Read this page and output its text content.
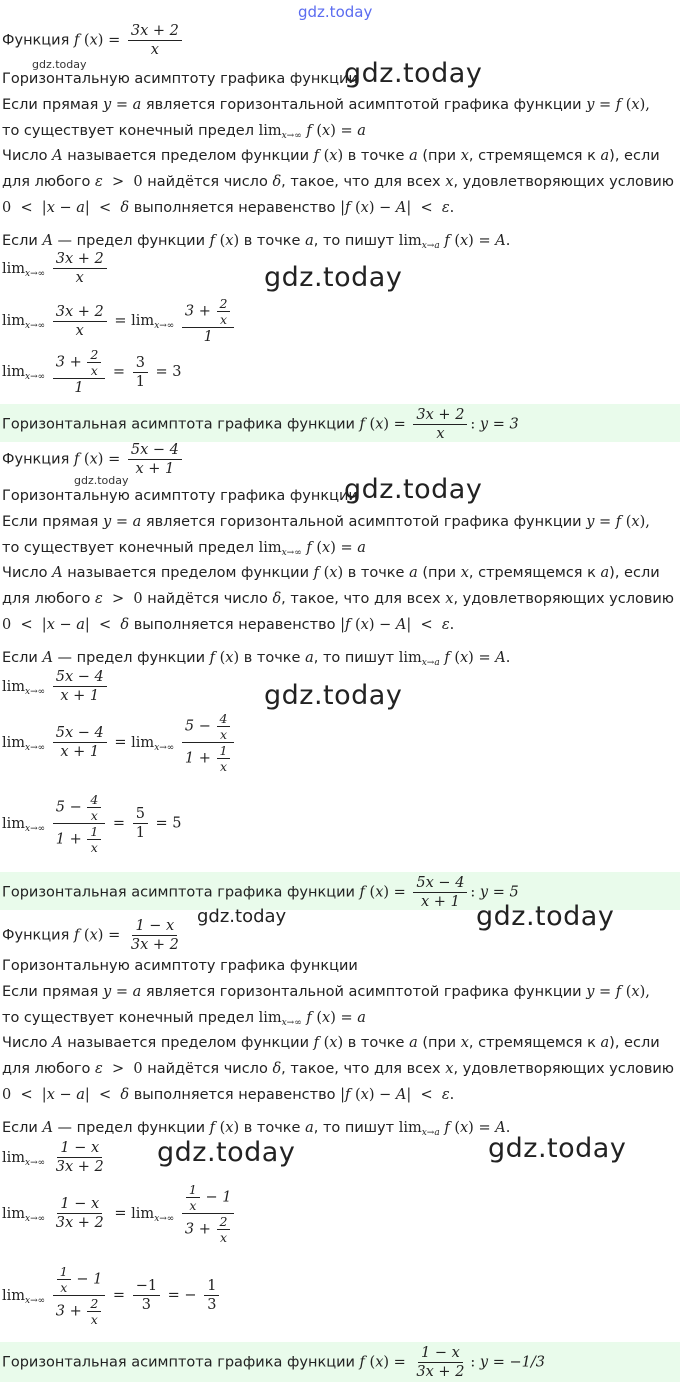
gdz.today
Функция f $(x) = \frac{3x + 2}{x}$
gdz.today
Горизонтальную асимптоту графика функции
gdz.today
Если прямая y = a является горизонтальной асимптотой графика функции y = f (x),
то существует конечный предел $\lim_{x\to\infty} f$ (x) = a
Число A называется пределом функции f (x) в точке a (при x, стремящемся к a), если
для любого ε  >  0 найдётся число δ, такое, что для всех x, удовлетворяющих условию
0  <  |x − a|  <  δ выполняется неравенство |f (x) − A|  <  ε.
Если A — предел функции f (x) в точке a, то пишут $\lim_{x\to a} f$ (x) = A.
$\lim_{x\to\infty} \frac{3x + 2}{x}$	gdz.today
$\lim_{x\to\infty} \frac{3x + 2}{x} = \lim_{x\to\infty} \frac{3 + \frac{2}{x}}{1}$
$\lim_{x\to\infty} \frac{3 + \frac{2}{x}}{1} = \frac{3}{1} = 3$
Горизонтальная асимптота графика функции f $(x) = \frac{3x + 2}{x}$ : y = 3
Функция f $(x) = \frac{5x - 4}{x + 1}$
gdz.today
Горизонтальную асимптоту графика функции
gdz.today
Если прямая y = a является горизонтальной асимптотой графика функции y = f (x),
то существует конечный предел $\lim_{x\to\infty} f$ (x) = a
Число A называется пределом функции f (x) в точке a (при x, стремящемся к a), если
для любого ε  >  0 найдётся число δ, такое, что для всех x, удовлетворяющих условию
0  <  |x − a|  <  δ выполняется неравенство |f (x) − A|  <  ε.
Если A — предел функции f (x) в точке a, то пишут $\lim_{x\to a} f$ (x) = A.
$\lim_{x\to\infty} \frac{5x - 4}{x + 1}$	gdz.today
$\lim_{x\to\infty} \frac{5x - 4}{x + 1} = \lim_{x\to\infty} \frac{5 - \frac{4}{x}}{1 + \frac{1}{x}}$
$\lim_{x\to\infty} \frac{5 - \frac{4}{x}}{1 + \frac{1}{x}} = \frac{5}{1} = 5$
Горизонтальная асимптота графика функции f $(x) = \frac{5x - 4}{x + 1}$ : y = 5
Функция f $(x) = \frac{1 - x}{3x + 2}$
gdz.today	gdz.today
Горизонтальную асимптоту графика функции
Если прямая y = a является горизонтальной асимптотой графика функции y = f (x),
то существует конечный предел $\lim_{x\to\infty} f$ (x) = a
Число A называется пределом функции f (x) в точке a (при x, стремящемся к a), если
для любого ε  >  0 найдётся число δ, такое, что для всех x, удовлетворяющих условию
0  <  |x − a|  <  δ выполняется неравенство |f (x) − A|  <  ε.
Если A — предел функции f (x) в точке a, то пишут $\lim_{x\to a} f$ (x) = A.
$\lim_{x\to\infty} \frac{1 - x}{3x + 2}$ gdz.today	gdz.today
$\lim_{x\to\infty} \frac{1 - x}{3x + 2} = \lim_{x\to\infty} \frac{\frac{1}{x} - 1}{3 + \frac{2}{x}}$
$\lim_{x\to\infty} \frac{\frac{1}{x} - 1}{3 + \frac{2}{x}} = \frac{-1}{3}$ = − $\frac{1}{3}$
Горизонтальная асимптота графика функции f $(x) = \frac{1 - x}{3x + 2}$ : y = −1/3
